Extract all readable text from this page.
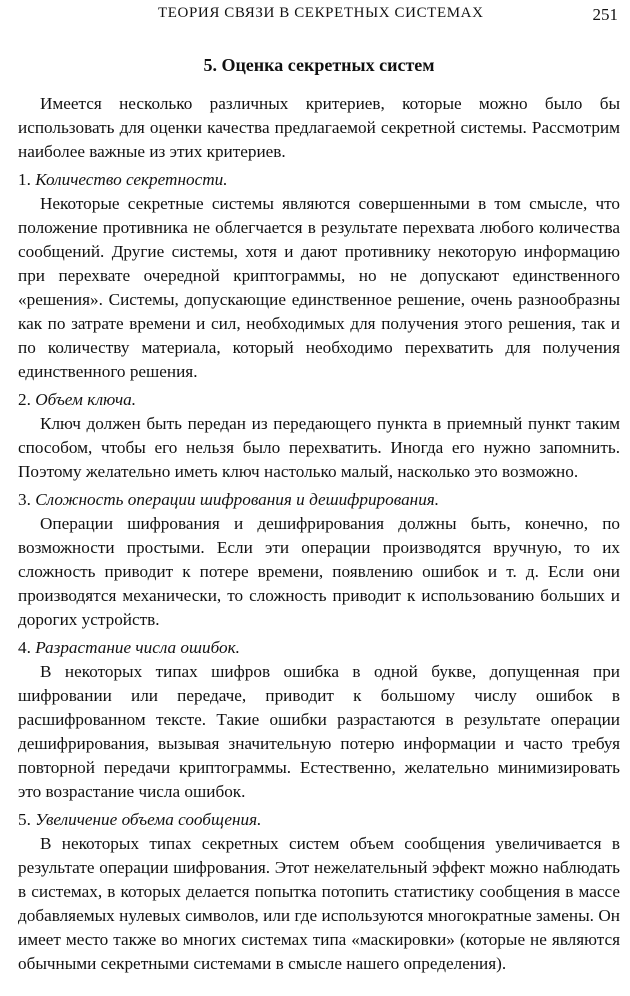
ТЕОРИЯ СВЯЗИ В СЕКРЕТНЫХ СИСТЕМАХ	251
5. Оценка секретных систем

Имеется несколько различных критериев, которые можно было бы использовать для оценки качества предлагаемой секретной системы. Рассмотрим наиболее важные из этих критериев.

1. Количество секретности.

Некоторые секретные системы являются совершенными в том смысле, что положение противника не облегчается в результате перехвата любого количества сообщений. Другие системы, хотя и дают противнику некоторую информацию при перехвате очередной криптограммы, но не допускают единственного «решения». Системы, допускающие единственное решение, очень разнообразны как по затрате времени и сил, необходимых для получения этого решения, так и по количеству материала, который необходимо перехватить для получения единственного решения.

2. Объем ключа.

Ключ должен быть передан из передающего пункта в приемный пункт таким способом, чтобы его нельзя было перехватить. Иногда его нужно запомнить. Поэтому желательно иметь ключ настолько малый, насколько это возможно.

3. Сложность операции шифрования и дешифрирования.

Операции шифрования и дешифрирования должны быть, конечно, по возможности простыми. Если эти операции производятся вручную, то их сложность приводит к потере времени, появлению ошибок и т. д. Если они производятся механически, то сложность приводит к использованию больших и дорогих устройств.

4. Разрастание числа ошибок.

В некоторых типах шифров ошибка в одной букве, допущенная при шифровании или передаче, приводит к большому числу ошибок в расшифрованном тексте. Такие ошибки разрастаются в результате операции дешифрирования, вызывая значительную потерю информации и часто требуя повторной передачи криптограммы. Естественно, желательно минимизировать это возрастание числа ошибок.

5. Увеличение объема сообщения.

В некоторых типах секретных систем объем сообщения увеличивается в результате операции шифрования. Этот нежелательный эффект можно наблюдать в системах, в которых делается попытка потопить статистику сообщения в массе добавляемых нулевых символов, или где используются многократные замены. Он имеет место также во многих системах типа «маскировки» (которые не являются обычными секретными системами в смысле нашего определения).
